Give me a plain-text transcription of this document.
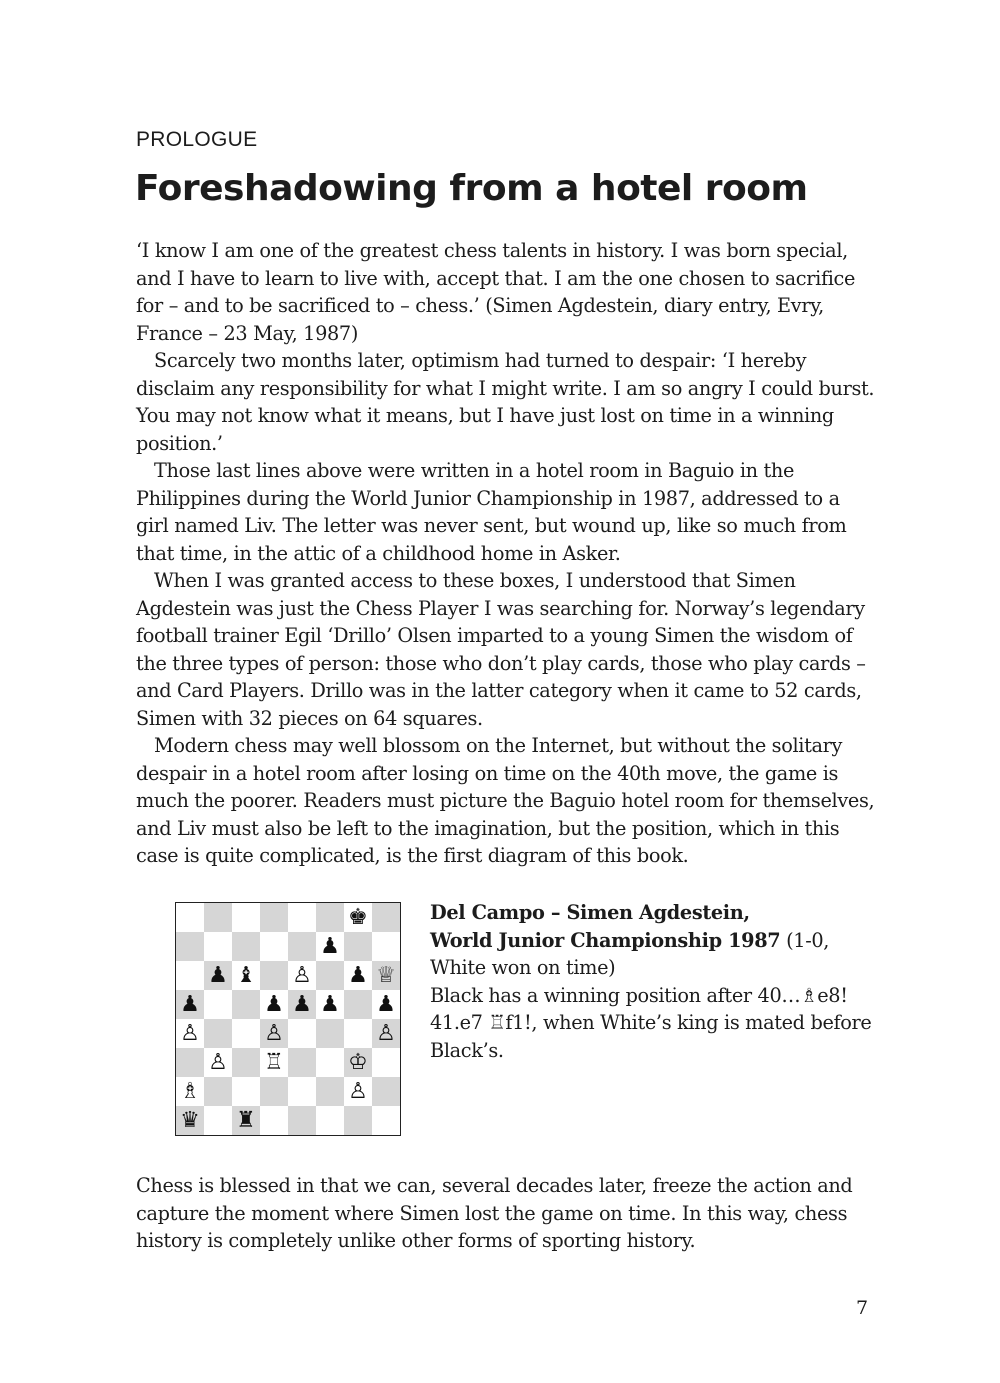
PROLOGUE
Foreshadowing from a hotel room

‘I know I am one of the greatest chess talents in history. I was born special, and I have to learn to live with, accept that. I am the one chosen to sacrifice for – and to be sacrificed to – chess.’ (Simen Agdestein, diary entry, Evry, France – 23 May, 1987)

Scarcely two months later, optimism had turned to despair: ‘I hereby disclaim any responsibility for what I might write. I am so angry I could burst. You may not know what it means, but I have just lost on time in a winning position.’

Those last lines above were written in a hotel room in Baguio in the Philippines during the World Junior Championship in 1987, addressed to a girl named Liv. The letter was never sent, but wound up, like so much from that time, in the attic of a childhood home in Asker.

When I was granted access to these boxes, I understood that Simen Agdestein was just the Chess Player I was searching for. Norway’s legendary football trainer Egil ‘Drillo’ Olsen imparted to a young Simen the wisdom of the three types of person: those who don’t play cards, those who play cards – and Card Players. Drillo was in the latter category when it came to 52 cards, Simen with 32 pieces on 64 squares.

Modern chess may well blossom on the Internet, but without the solitary despair in a hotel room after losing on time on the 40th move, the game is much the poorer. Readers must picture the Baguio hotel room for themselves, and Liv must also be left to the imagination, but the position, which in this case is quite complicated, is the first diagram of this book.

♚
♟
♟ ♝ ♙ ♟ ♕
♟	♟ ♟ ♟ ♟
♙	♙	♙
♙ ♖	♔
♗	♙
♛ ♜
Del Campo – Simen Agdestein,
World Junior Championship 1987 (1-0, White won on time)
Black has a winning position after 40…♗e8! 41.e7 ♖f1!, when White’s king is mated before Black’s.

Chess is blessed in that we can, several decades later, freeze the action and capture the moment where Simen lost the game on time. In this way, chess history is completely unlike other forms of sporting history.

7
